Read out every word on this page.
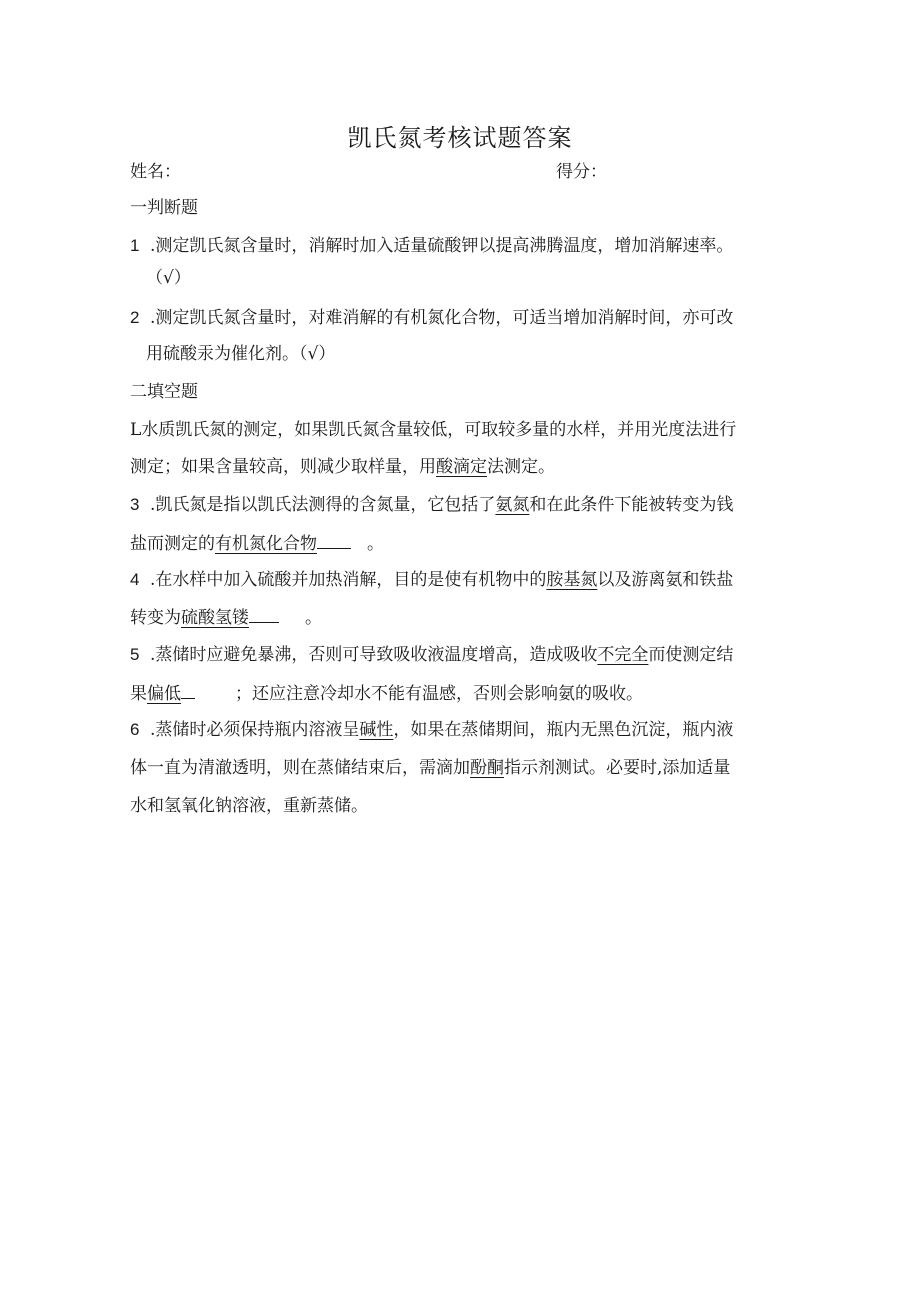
凯氏氮考核试题答案
姓名：	得分：
一判断题
1 .测定凯氏氮含量时，消解时加入适量硫酸钾以提高沸腾温度，增加消解速率。
（√）
2 .测定凯氏氮含量时，对难消解的有机氮化合物，可适当增加消解时间，亦可改
用硫酸汞为催化剂。（√）
二填空题
L水质凯氏氮的测定，如果凯氏氮含量较低，可取较多量的水样，并用光度法进行
测定；如果含量较高，则减少取样量，用酸滴定法测定。
3 .凯氏氮是指以凯氏法测得的含氮量，它包括了氨氮和在此条件下能被转变为钱
盐而测定的有机氮化合物	。
4 .在水样中加入硫酸并加热消解，目的是使有机物中的胺基氮以及游离氨和铁盐
转变为硫酸氢镂	。
5 .蒸储时应避免暴沸，否则可导致吸收液温度增高，造成吸收不完全而使测定结
果偏低	；还应注意冷却水不能有温感，否则会影响氨的吸收。
6 .蒸储时必须保持瓶内溶液呈碱性，如果在蒸储期间，瓶内无黑色沉淀，瓶内液
体一直为清澈透明，则在蒸储结束后，需滴加酚酮指示剂测试。必要时,添加适量
水和氢氧化钠溶液，重新蒸储。
